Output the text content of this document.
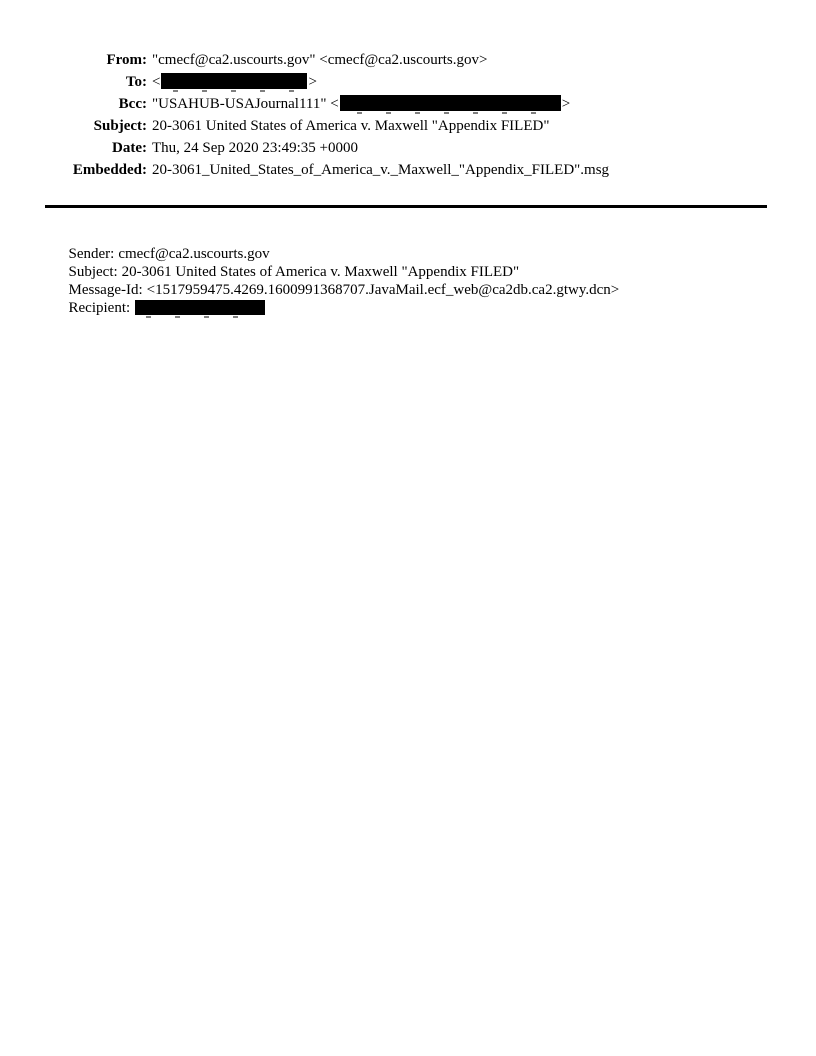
From: "cmecf@ca2.uscourts.gov" <cmecf@ca2.uscourts.gov>
To: <	>
Bcc: "USAHUB-USAJournal111" <	>
Subject: 20-3061 United States of America v. Maxwell "Appendix FILED"
Date: Thu, 24 Sep 2020 23:49:35 +0000
Embedded: 20-3061_United_States_of_America_v._Maxwell_"Appendix_FILED".msg

Sender: cmecf@ca2.uscourts.gov

Subject: 20-3061 United States of America v. Maxwell "Appendix FILED"

Message-Id: <1517959475.4269.1600991368707.JavaMail.ecf_web@ca2db.ca2.gtwy.dcn>

Recipient:
